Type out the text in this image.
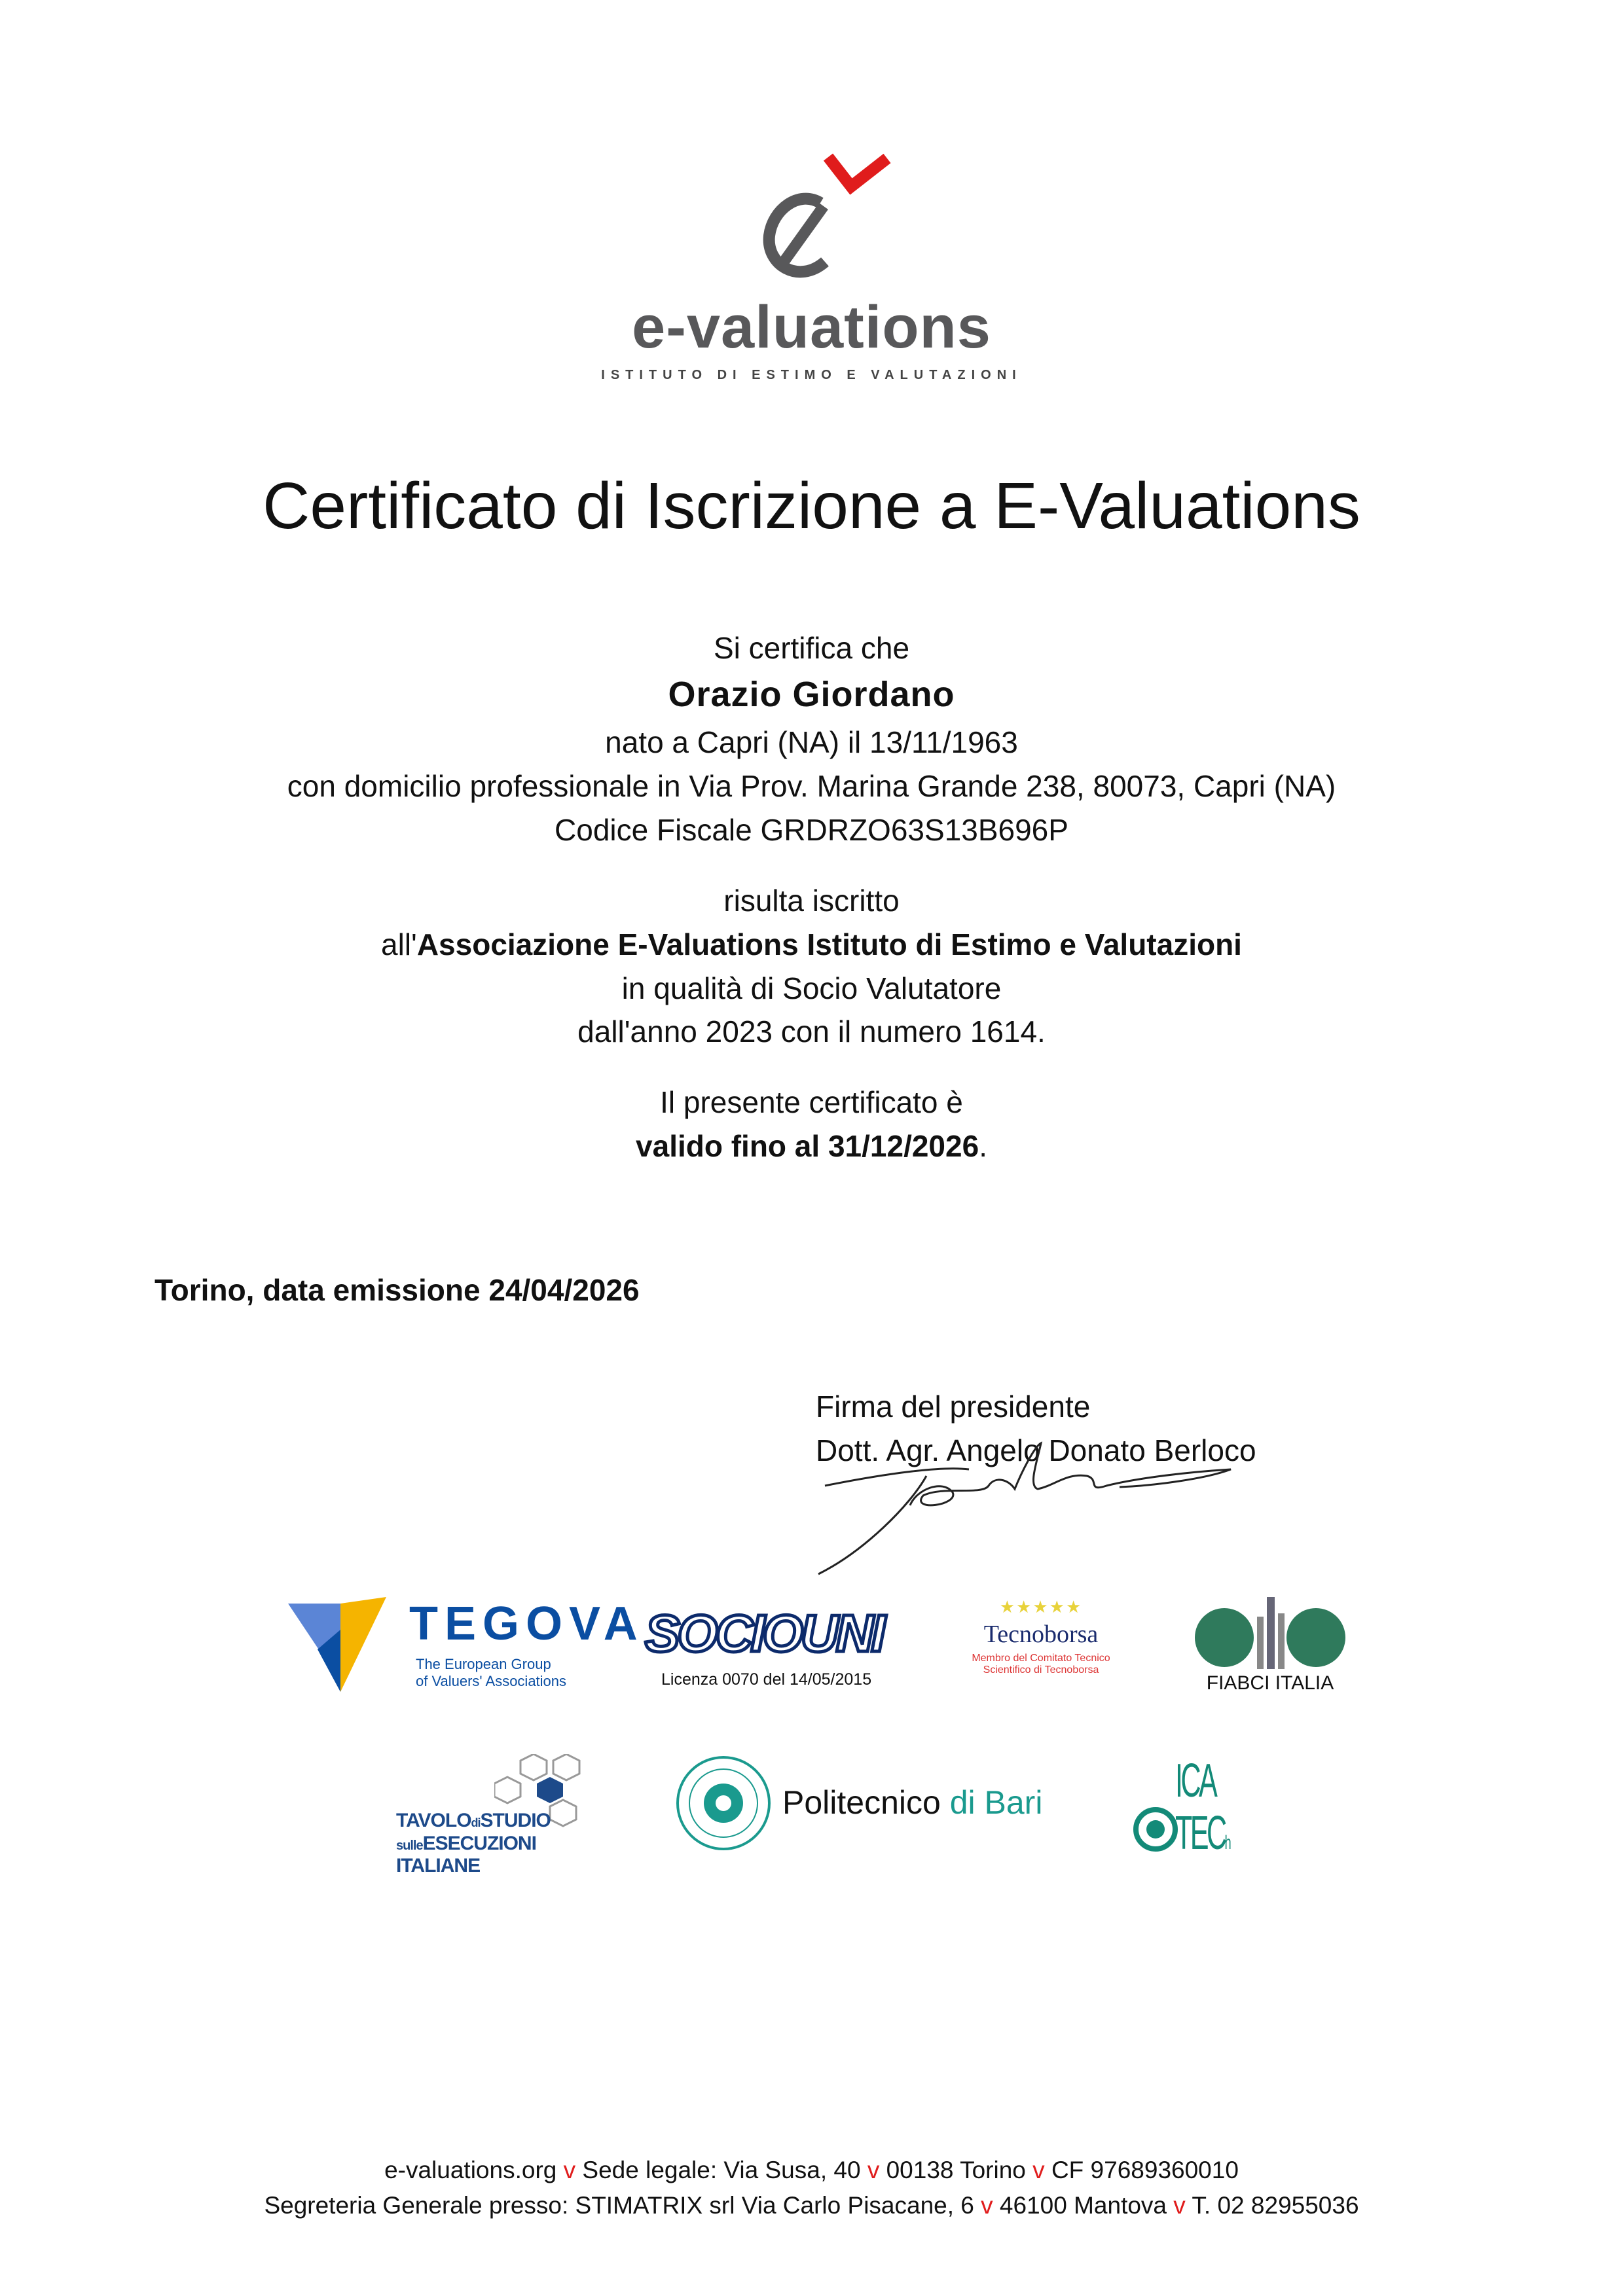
e-valuations
ISTITUTO DI ESTIMO E VALUTAZIONI
Certificato di Iscrizione a E-Valuations
Si certifica che
Orazio Giordano
nato a Capri (NA) il 13/11/1963
con domicilio professionale in Via Prov. Marina Grande 238, 80073, Capri (NA)
Codice Fiscale GRDRZO63S13B696P
risulta iscritto
all'Associazione E-Valuations Istituto di Estimo e Valutazioni
in qualità di Socio Valutatore
dall'anno 2023 con il numero 1614.
Il presente certificato è
valido fino al 31/12/2026.
Torino, data emissione 24/04/2026
Firma del presidente
Dott. Agr. Angelo Donato Berloco
TEGOVA
The European Group
of Valuers' Associations
SOCIOUNI
Licenza 0070 del 14/05/2015
★★★★★
Tecnoborsa
Membro del Comitato Tecnico
Scientifico di Tecnoborsa
FIABCI ITALIA
TAVOLOdiSTUDIO
sulleESECUZIONI ITALIANE
Politecnico di Bari	ICA
TECh
e-valuations.org v Sede legale: Via Susa, 40 v 00138 Torino v CF 97689360010
Segreteria Generale presso: STIMATRIX srl Via Carlo Pisacane, 6 v 46100 Mantova v T. 02 82955036
